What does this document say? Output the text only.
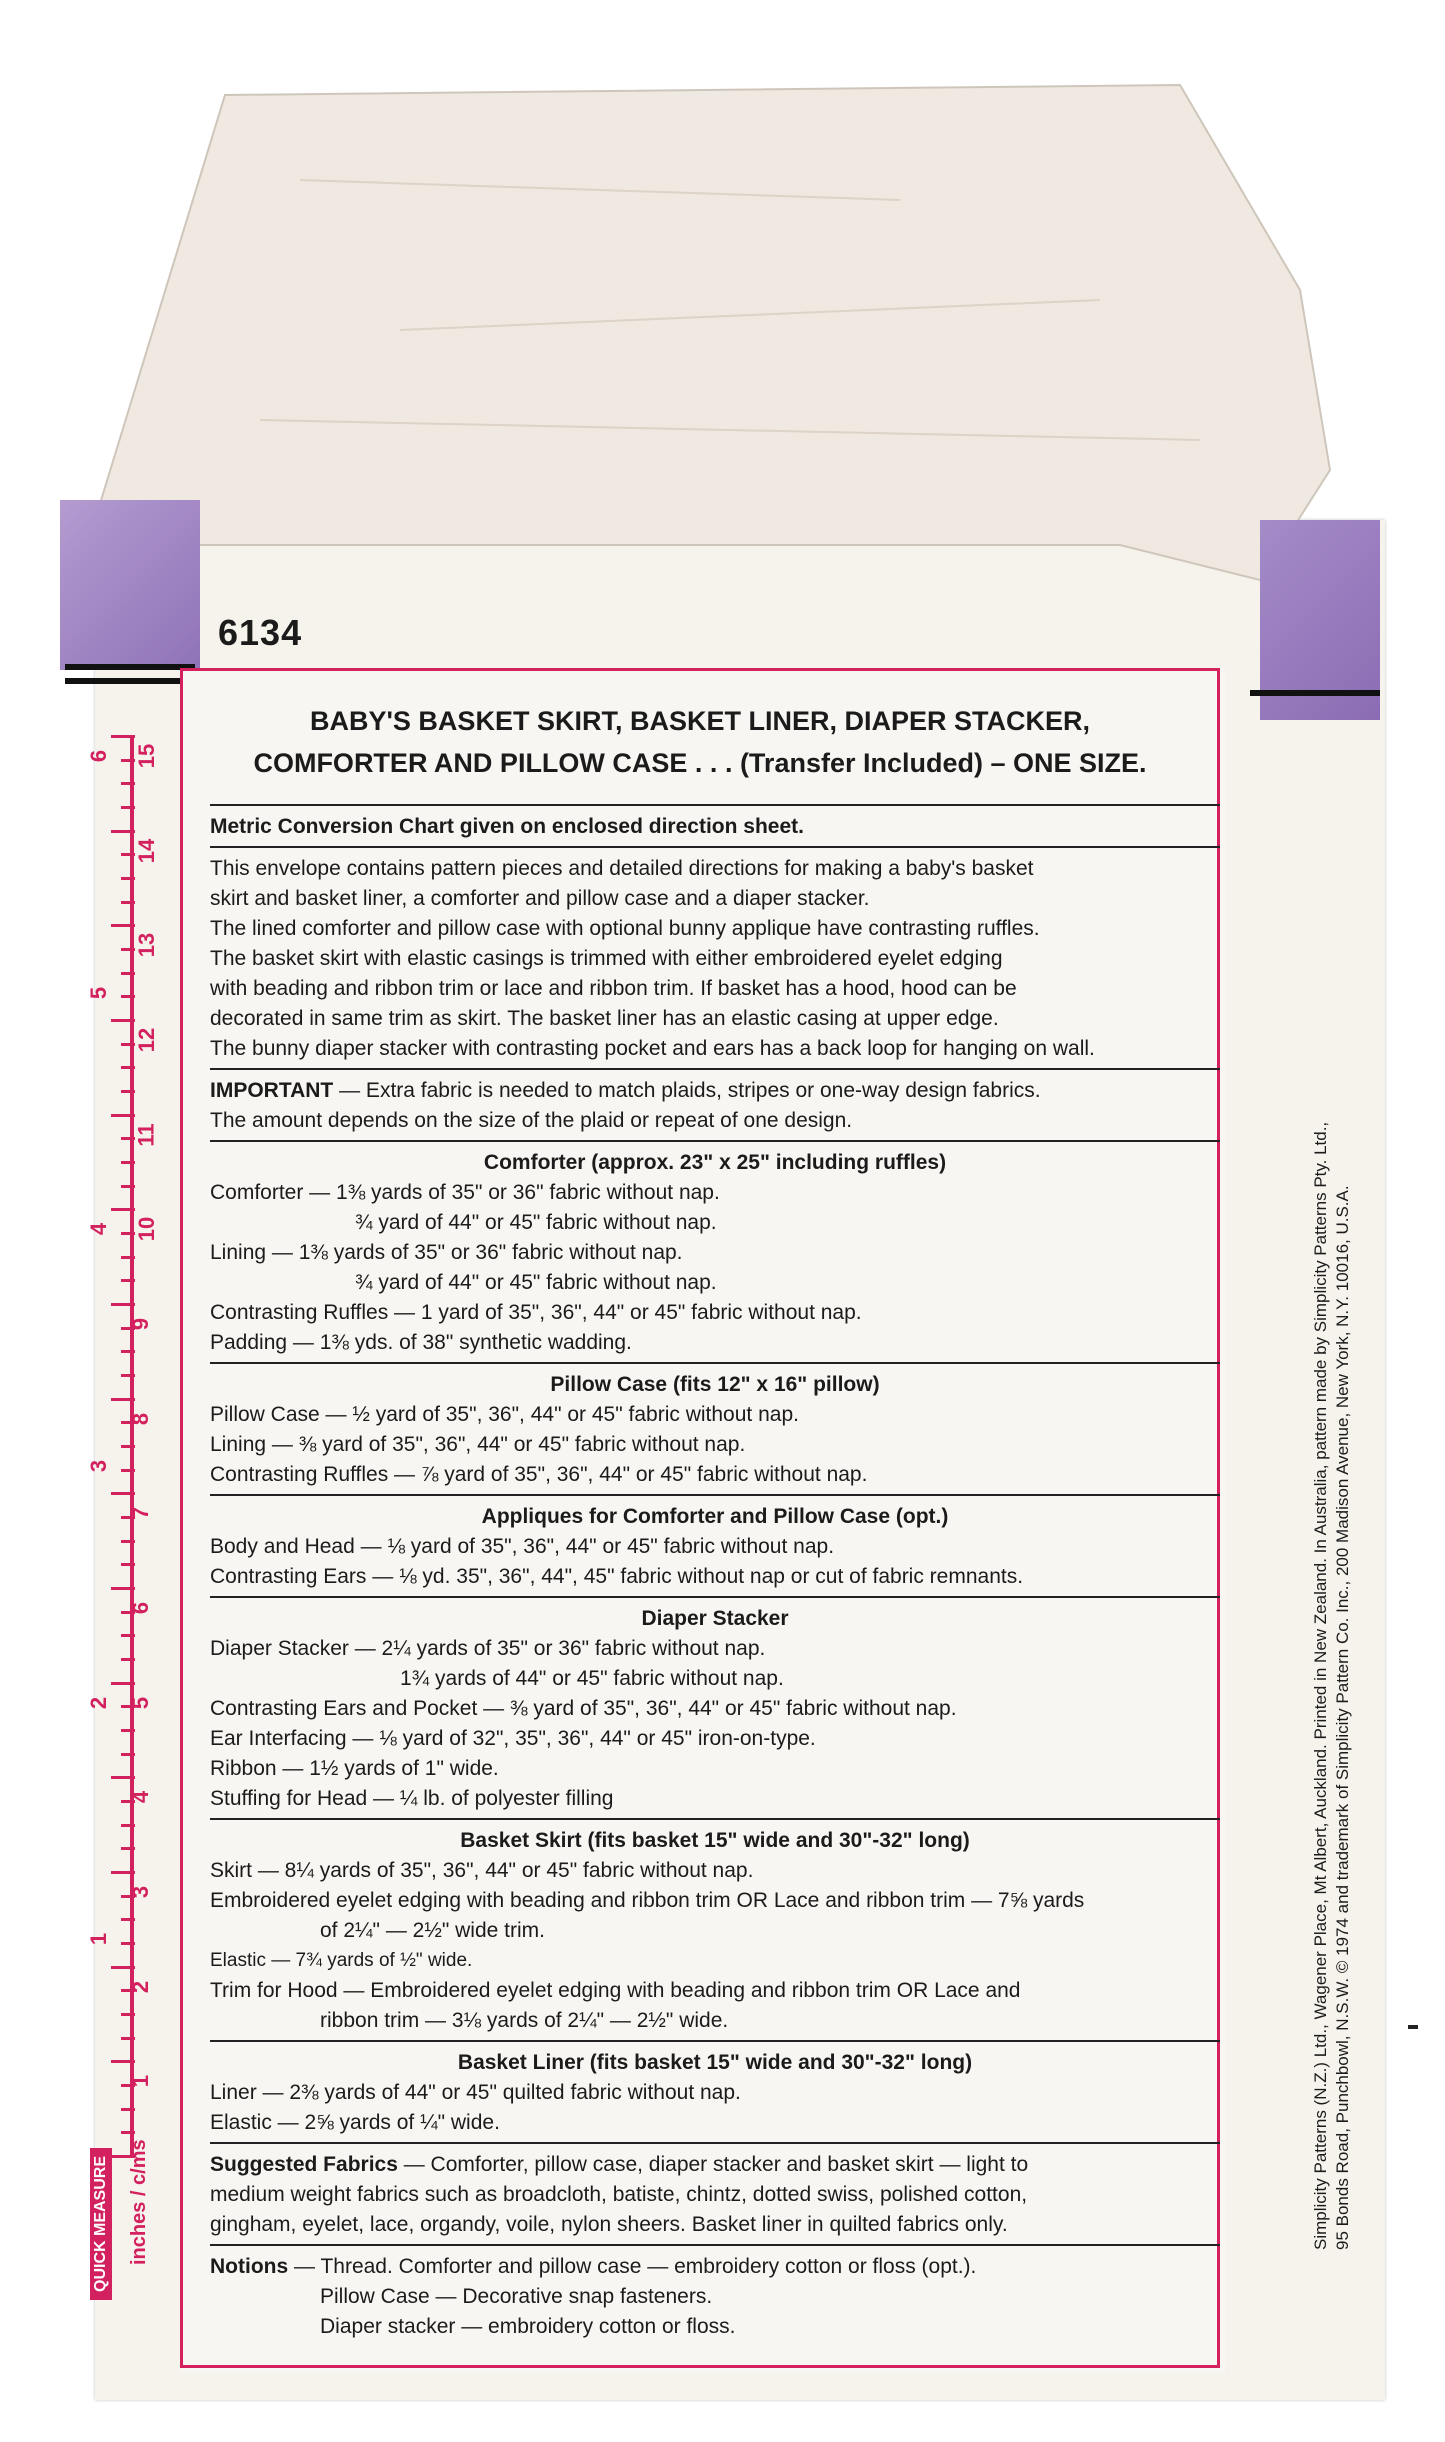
6134
BABY'S BASKET SKIRT, BASKET LINER, DIAPER STACKER,
COMFORTER AND PILLOW CASE . . . (Transfer Included) – ONE SIZE.

Metric Conversion Chart given on enclosed direction sheet.

This envelope contains pattern pieces and detailed directions for making a baby's basket

skirt and basket liner, a comforter and pillow case and a diaper stacker.

The lined comforter and pillow case with optional bunny applique have contrasting ruffles.

The basket skirt with elastic casings is trimmed with either embroidered eyelet edging

with beading and ribbon trim or lace and ribbon trim. If basket has a hood, hood can be

decorated in same trim as skirt. The basket liner has an elastic casing at upper edge.

The bunny diaper stacker with contrasting pocket and ears has a back loop for hanging on wall.

IMPORTANT — Extra fabric is needed to match plaids, stripes or one-way design fabrics.

The amount depends on the size of the plaid or repeat of one design.

Comforter (approx. 23" x 25" including ruffles)

Comforter — 1⅜ yards of 35" or 36" fabric without nap.

¾ yard of 44" or 45" fabric without nap.

Lining — 1⅜ yards of 35" or 36" fabric without nap.

¾ yard of 44" or 45" fabric without nap.

Contrasting Ruffles — 1 yard of 35", 36", 44" or 45" fabric without nap.

Padding — 1⅜ yds. of 38" synthetic wadding.

Pillow Case (fits 12" x 16" pillow)

Pillow Case — ½ yard of 35", 36", 44" or 45" fabric without nap.

Lining — ⅜ yard of 35", 36", 44" or 45" fabric without nap.

Contrasting Ruffles — ⅞ yard of 35", 36", 44" or 45" fabric without nap.

Appliques for Comforter and Pillow Case (opt.)

Body and Head — ⅛ yard of 35", 36", 44" or 45" fabric without nap.

Contrasting Ears — ⅛ yd. 35", 36", 44", 45" fabric without nap or cut of fabric remnants.

Diaper Stacker

Diaper Stacker — 2¼ yards of 35" or 36" fabric without nap.

1¾ yards of 44" or 45" fabric without nap.

Contrasting Ears and Pocket — ⅜ yard of 35", 36", 44" or 45" fabric without nap.

Ear Interfacing — ⅛ yard of 32", 35", 36", 44" or 45" iron-on-type.

Ribbon — 1½ yards of 1" wide.

Stuffing for Head — ¼ lb. of polyester filling

Basket Skirt (fits basket 15" wide and 30"-32" long)

Skirt — 8¼ yards of 35", 36", 44" or 45" fabric without nap.

Embroidered eyelet edging with beading and ribbon trim OR Lace and ribbon trim — 7⅝ yards

of 2¼" — 2½" wide trim.

Elastic — 7¾ yards of ½" wide.

Trim for Hood — Embroidered eyelet edging with beading and ribbon trim OR Lace and

ribbon trim — 3⅛ yards of 2¼" — 2½" wide.

Basket Liner (fits basket 15" wide and 30"-32" long)

Liner — 2⅜ yards of 44" or 45" quilted fabric without nap.

Elastic — 2⅝ yards of ¼" wide.

Suggested Fabrics — Comforter, pillow case, diaper stacker and basket skirt — light to

medium weight fabrics such as broadcloth, batiste, chintz, dotted swiss, polished cotton,

gingham, eyelet, lace, organdy, voile, nylon sheers. Basket liner in quilted fabrics only.

Notions — Thread. Comforter and pillow case — embroidery cotton or floss (opt.).

Pillow Case — Decorative snap fasteners.

Diaper stacker — embroidery cotton or floss.

Simplicity Patterns (N.Z.) Ltd., Wagener Place, Mt Albert, Auckland. Printed in New Zealand. In Australia, pattern made by Simplicity Patterns Pty. Ltd., 95 Bonds Road, Punchbowl, N.S.W. © 1974 and trademark of Simplicity Pattern Co. Inc., 200 Madison Avenue, New York, N.Y. 10016, U.S.A.
1
2
3
4
5
6
7
8
9
10
11
12
13
14
15
1
2
3
4
5
6
QUICK MEASURE inches / c/ms
